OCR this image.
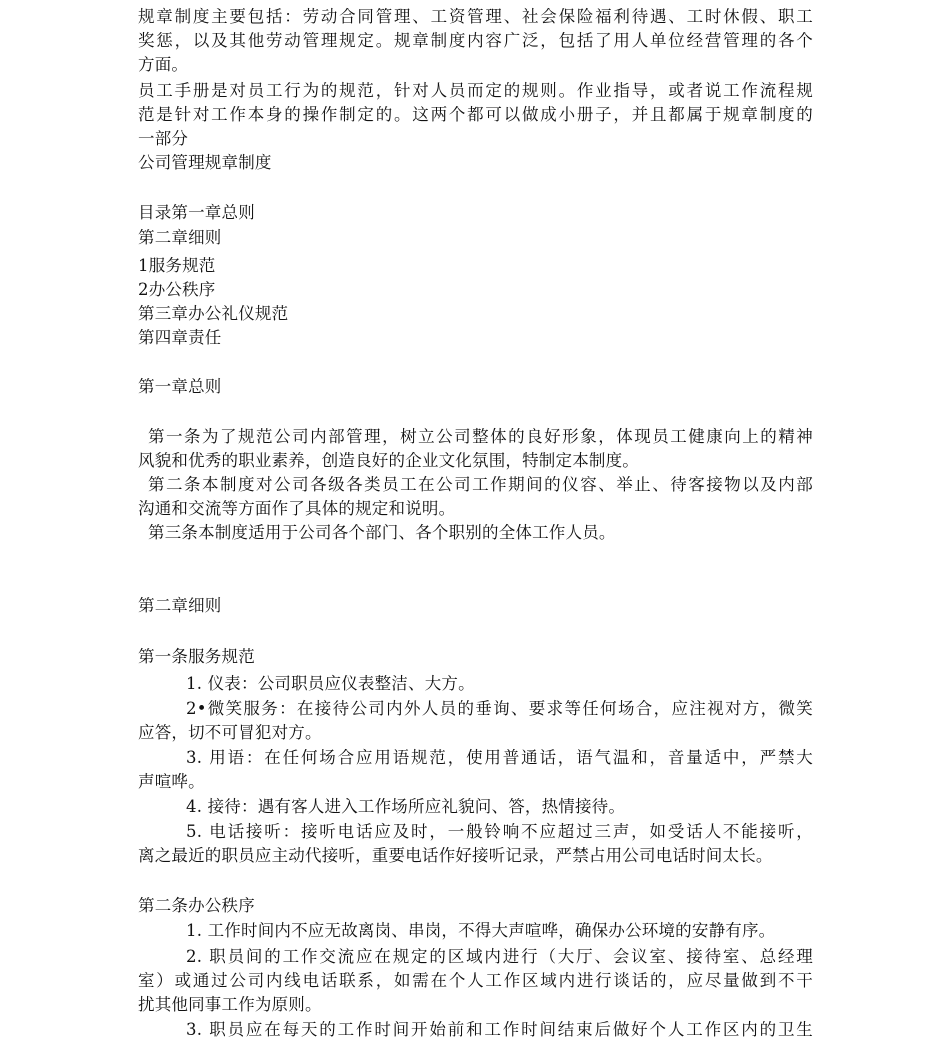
规章制度主要包括：劳动合同管理、工资管理、社会保险福利待遇、工时休假、职工
奖惩，以及其他劳动管理规定。规章制度内容广泛，包括了用人单位经营管理的各个
方面。
员工手册是对员工行为的规范，针对人员而定的规则。作业指导，或者说工作流程规
范是针对工作本身的操作制定的。这两个都可以做成小册子，并且都属于规章制度的
一部分
公司管理规章制度
目录第一章总则
第二章细则
1服务规范
2办公秩序
第三章办公礼仪规范
第四章责任
第一章总则
第一条为了规范公司内部管理，树立公司整体的良好形象，体现员工健康向上的精神
风貌和优秀的职业素养，创造良好的企业文化氛围，特制定本制度。
第二条本制度对公司各级各类员工在公司工作期间的仪容、举止、待客接物以及内部
沟通和交流等方面作了具体的规定和说明。
第三条本制度适用于公司各个部门、各个职别的全体工作人员。
第二章细则
第一条服务规范
1. 仪表：公司职员应仪表整洁、大方。
2•微笑服务：在接待公司内外人员的垂询、要求等任何场合，应注视对方，微笑
应答，切不可冒犯对方。
3. 用语：在任何场合应用语规范，使用普通话，语气温和，音量适中，严禁大
声喧哗。
4. 接待：遇有客人进入工作场所应礼貌问、答，热情接待。
5. 电话接听：接听电话应及时，一般铃响不应超过三声，如受话人不能接听，
离之最近的职员应主动代接听，重要电话作好接听记录，严禁占用公司电话时间太长。
第二条办公秩序
1. 工作时间内不应无故离岗、串岗，不得大声喧哗，确保办公环境的安静有序。
2. 职员间的工作交流应在规定的区域内进行（大厅、会议室、接待室、总经理
室）或通过公司内线电话联系，如需在个人工作区域内进行谈话的，应尽量做到不干
扰其他同事工作为原则。
3. 职员应在每天的工作时间开始前和工作时间结束后做好个人工作区内的卫生
